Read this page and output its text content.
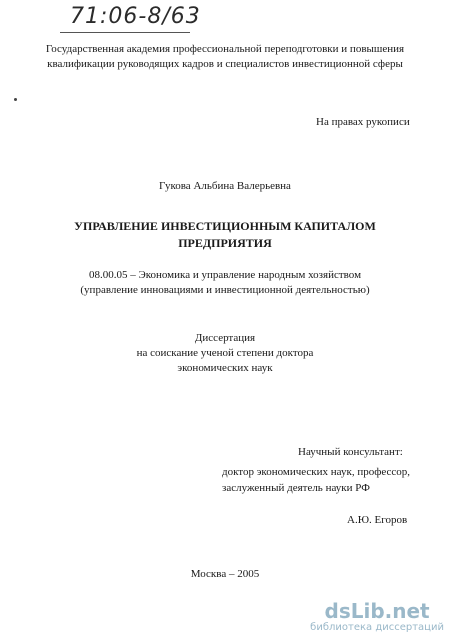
71:06-8/63
Государственная академия профессиональной переподготовки и повышения
квалификации руководящих кадров и специалистов инвестиционной сферы
На правах рукописи
Гукова Альбина Валерьевна
УПРАВЛЕНИЕ ИНВЕСТИЦИОННЫМ КАПИТАЛОМ
ПРЕДПРИЯТИЯ
08.00.05 – Экономика и управление народным хозяйством
(управление инновациями и инвестиционной деятельностью)
Диссертация
на соискание ученой степени доктора
экономических наук
Научный консультант:
доктор экономических наук, профессор,
заслуженный деятель науки РФ
А.Ю. Егоров
Москва – 2005
dsLib.net
библиотека диссертаций
